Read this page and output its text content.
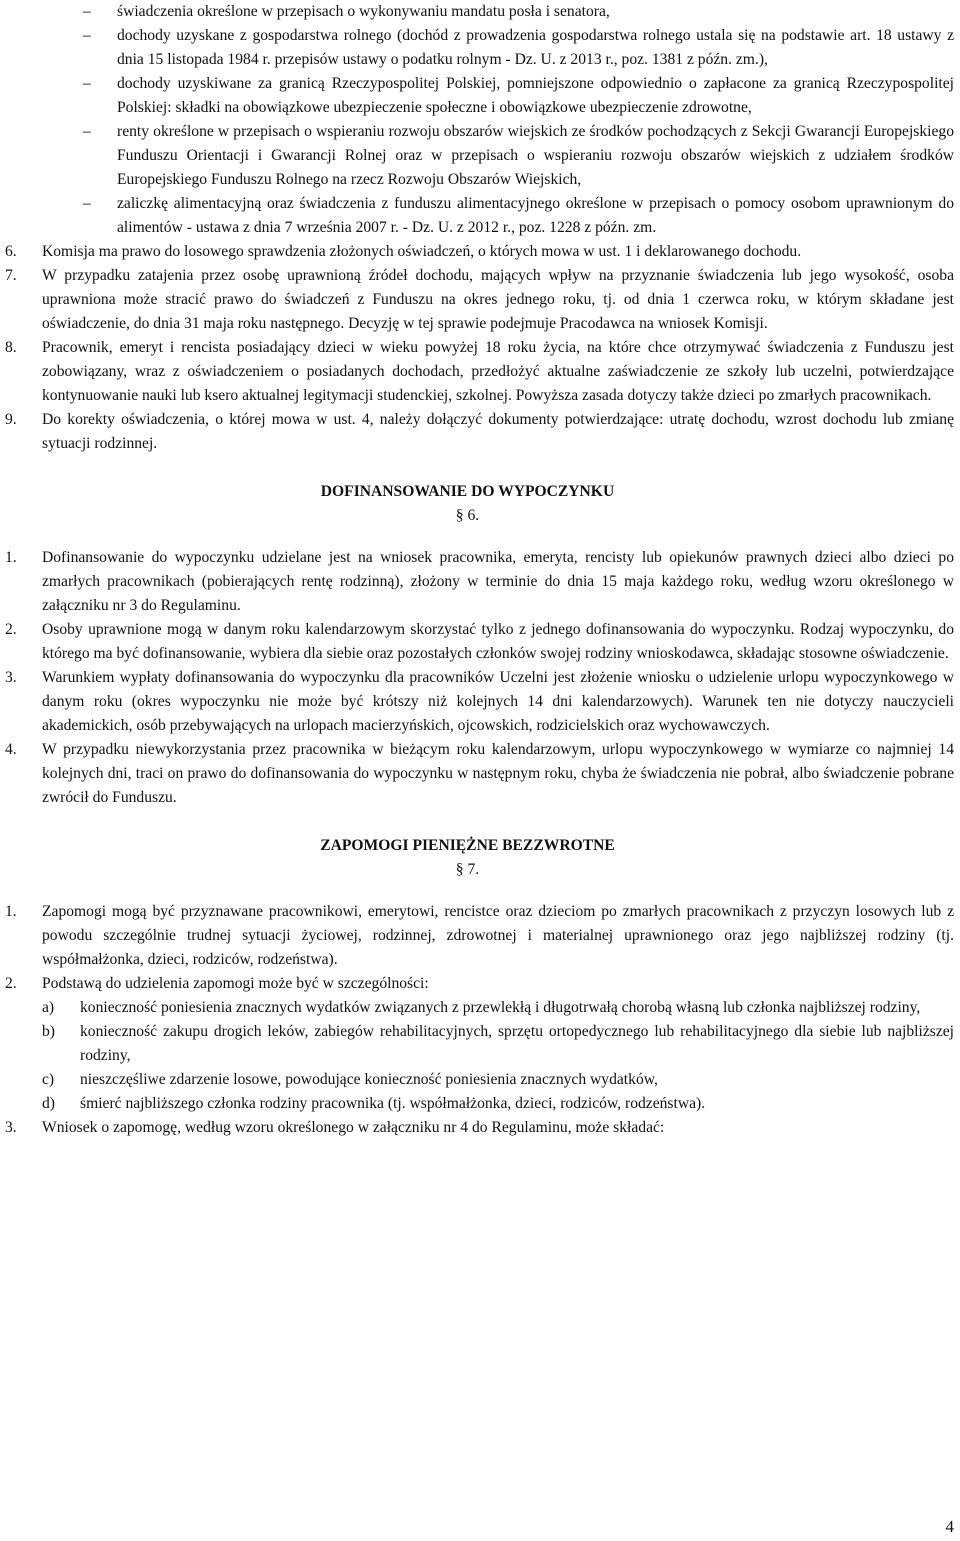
– świadczenia określone w przepisach o wykonywaniu mandatu posła i senatora,
– dochody uzyskane z gospodarstwa rolnego (dochód z prowadzenia gospodarstwa rolnego ustala się na podstawie art. 18 ustawy z dnia 15 listopada 1984 r. przepisów ustawy o podatku rolnym - Dz. U. z 2013 r., poz. 1381 z późn. zm.),
– dochody uzyskiwane za granicą Rzeczypospolitej Polskiej, pomniejszone odpowiednio o zapłacone za granicą Rzeczypospolitej Polskiej: składki na obowiązkowe ubezpieczenie społeczne i obowiązkowe ubezpieczenie zdrowotne,
– renty określone w przepisach o wspieraniu rozwoju obszarów wiejskich ze środków pochodzących z Sekcji Gwarancji Europejskiego Funduszu Orientacji i Gwarancji Rolnej oraz w przepisach o wspieraniu rozwoju obszarów wiejskich z udziałem środków Europejskiego Funduszu Rolnego na rzecz Rozwoju Obszarów Wiejskich,
– zaliczkę alimentacyjną oraz świadczenia z funduszu alimentacyjnego określone w przepisach o pomocy osobom uprawnionym do alimentów - ustawa z dnia 7 września 2007 r. - Dz. U. z 2012 r., poz. 1228 z późn. zm.
6. Komisja ma prawo do losowego sprawdzenia złożonych oświadczeń, o których mowa w ust. 1 i deklarowanego dochodu.
7. W przypadku zatajenia przez osobę uprawnioną źródeł dochodu, mających wpływ na przyznanie świadczenia lub jego wysokość, osoba uprawniona może stracić prawo do świadczeń z Funduszu na okres jednego roku, tj. od dnia 1 czerwca roku, w którym składane jest oświadczenie, do dnia 31 maja roku następnego. Decyzję w tej sprawie podejmuje Pracodawca na wniosek Komisji.
8. Pracownik, emeryt i rencista posiadający dzieci w wieku powyżej 18 roku życia, na które chce otrzymywać świadczenia z Funduszu jest zobowiązany, wraz z oświadczeniem o posiadanych dochodach, przedłożyć aktualne zaświadczenie ze szkoły lub uczelni, potwierdzające kontynuowanie nauki lub ksero aktualnej legitymacji studenckiej, szkolnej. Powyższa zasada dotyczy także dzieci po zmarłych pracownikach.
9. Do korekty oświadczenia, o której mowa w ust. 4, należy dołączyć dokumenty potwierdzające: utratę dochodu, wzrost dochodu lub zmianę sytuacji rodzinnej.
DOFINANSOWANIE DO WYPOCZYNKU
§ 6.
1. Dofinansowanie do wypoczynku udzielane jest na wniosek pracownika, emeryta, rencisty lub opiekunów prawnych dzieci albo dzieci po zmarłych pracownikach (pobierających rentę rodzinną), złożony w terminie do dnia 15 maja każdego roku, według wzoru określonego w załączniku nr 3 do Regulaminu.
2. Osoby uprawnione mogą w danym roku kalendarzowym skorzystać tylko z jednego dofinansowania do wypoczynku. Rodzaj wypoczynku, do którego ma być dofinansowanie, wybiera dla siebie oraz pozostałych członków swojej rodziny wnioskodawca, składając stosowne oświadczenie.
3. Warunkiem wypłaty dofinansowania do wypoczynku dla pracowników Uczelni jest złożenie wniosku o udzielenie urlopu wypoczynkowego w danym roku (okres wypoczynku nie może być krótszy niż kolejnych 14 dni kalendarzowych). Warunek ten nie dotyczy nauczycieli akademickich, osób przebywających na urlopach macierzyńskich, ojcowskich, rodzicielskich oraz wychowawczych.
4. W przypadku niewykorzystania przez pracownika w bieżącym roku kalendarzowym, urlopu wypoczynkowego w wymiarze co najmniej 14 kolejnych dni, traci on prawo do dofinansowania do wypoczynku w następnym roku, chyba że świadczenia nie pobrał, albo świadczenie pobrane zwrócił do Funduszu.
ZAPOMOGI PIENIĘŻNE BEZZWROTNE
§ 7.
1. Zapomogi mogą być przyznawane pracownikowi, emerytowi, rencistce oraz dzieciom po zmarłych pracownikach z przyczyn losowych lub z powodu szczególnie trudnej sytuacji życiowej, rodzinnej, zdrowotnej i materialnej uprawnionego oraz jego najbliższej rodziny (tj. współmałżonka, dzieci, rodziców, rodzeństwa).
2. Podstawą do udzielenia zapomogi może być w szczególności:
a) konieczność poniesienia znacznych wydatków związanych z przewlekłą i długotrwałą chorobą własną lub członka najbliższej rodziny,
b) konieczność zakupu drogich leków, zabiegów rehabilitacyjnych, sprzętu ortopedycznego lub rehabilitacyjnego dla siebie lub najbliższej rodziny,
c) nieszczęśliwe zdarzenie losowe, powodujące konieczność poniesienia znacznych wydatków,
d) śmierć najbliższego członka rodziny pracownika (tj. współmałżonka, dzieci, rodziców, rodzeństwa).
3. Wniosek o zapomogę, według wzoru określonego w załączniku nr 4 do Regulaminu, może składać:
4
